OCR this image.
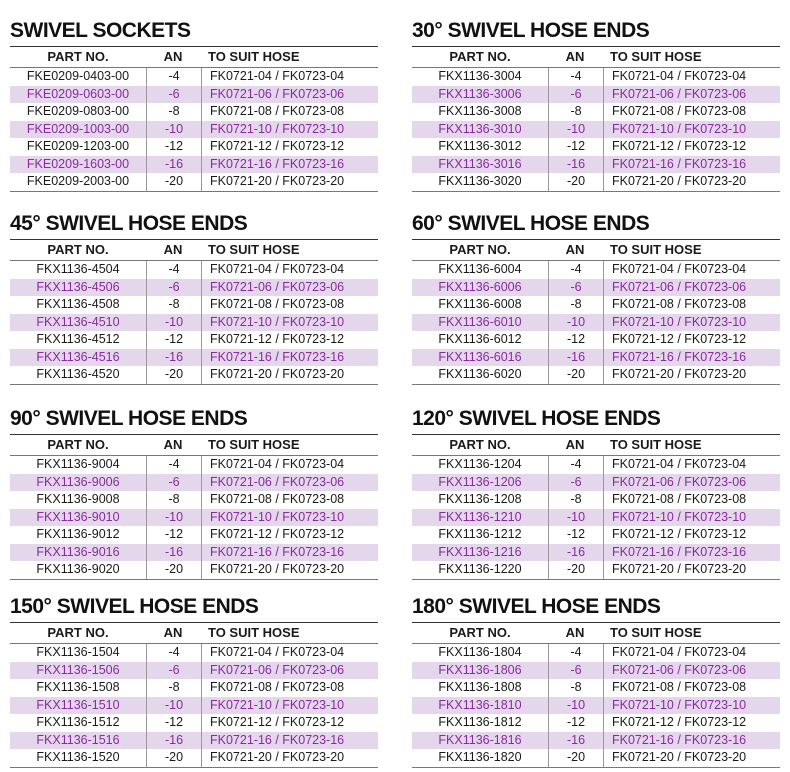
SWIVEL SOCKETS
PART NO.	AN	TO SUIT HOSE
FKE0209-0403-00	-4	FK0721-04 / FK0723-04
FKE0209-0603-00	-6	FK0721-06 / FK0723-06
FKE0209-0803-00	-8	FK0721-08 / FK0723-08
FKE0209-1003-00	-10	FK0721-10 / FK0723-10
FKE0209-1203-00	-12	FK0721-12 / FK0723-12
FKE0209-1603-00	-16	FK0721-16 / FK0723-16
FKE0209-2003-00	-20	FK0721-20 / FK0723-20
30° SWIVEL HOSE ENDS
PART NO.	AN	TO SUIT HOSE
FKX1136-3004	-4	FK0721-04 / FK0723-04
FKX1136-3006	-6	FK0721-06 / FK0723-06
FKX1136-3008	-8	FK0721-08 / FK0723-08
FKX1136-3010	-10	FK0721-10 / FK0723-10
FKX1136-3012	-12	FK0721-12 / FK0723-12
FKX1136-3016	-16	FK0721-16 / FK0723-16
FKX1136-3020	-20	FK0721-20 / FK0723-20
45° SWIVEL HOSE ENDS
PART NO.	AN	TO SUIT HOSE
FKX1136-4504	-4	FK0721-04 / FK0723-04
FKX1136-4506	-6	FK0721-06 / FK0723-06
FKX1136-4508	-8	FK0721-08 / FK0723-08
FKX1136-4510	-10	FK0721-10 / FK0723-10
FKX1136-4512	-12	FK0721-12 / FK0723-12
FKX1136-4516	-16	FK0721-16 / FK0723-16
FKX1136-4520	-20	FK0721-20 / FK0723-20
60° SWIVEL HOSE ENDS
PART NO.	AN	TO SUIT HOSE
FKX1136-6004	-4	FK0721-04 / FK0723-04
FKX1136-6006	-6	FK0721-06 / FK0723-06
FKX1136-6008	-8	FK0721-08 / FK0723-08
FKX1136-6010	-10	FK0721-10 / FK0723-10
FKX1136-6012	-12	FK0721-12 / FK0723-12
FKX1136-6016	-16	FK0721-16 / FK0723-16
FKX1136-6020	-20	FK0721-20 / FK0723-20
90° SWIVEL HOSE ENDS
PART NO.	AN	TO SUIT HOSE
FKX1136-9004	-4	FK0721-04 / FK0723-04
FKX1136-9006	-6	FK0721-06 / FK0723-06
FKX1136-9008	-8	FK0721-08 / FK0723-08
FKX1136-9010	-10	FK0721-10 / FK0723-10
FKX1136-9012	-12	FK0721-12 / FK0723-12
FKX1136-9016	-16	FK0721-16 / FK0723-16
FKX1136-9020	-20	FK0721-20 / FK0723-20
120° SWIVEL HOSE ENDS
PART NO.	AN	TO SUIT HOSE
FKX1136-1204	-4	FK0721-04 / FK0723-04
FKX1136-1206	-6	FK0721-06 / FK0723-06
FKX1136-1208	-8	FK0721-08 / FK0723-08
FKX1136-1210	-10	FK0721-10 / FK0723-10
FKX1136-1212	-12	FK0721-12 / FK0723-12
FKX1136-1216	-16	FK0721-16 / FK0723-16
FKX1136-1220	-20	FK0721-20 / FK0723-20
150° SWIVEL HOSE ENDS
PART NO.	AN	TO SUIT HOSE
FKX1136-1504	-4	FK0721-04 / FK0723-04
FKX1136-1506	-6	FK0721-06 / FK0723-06
FKX1136-1508	-8	FK0721-08 / FK0723-08
FKX1136-1510	-10	FK0721-10 / FK0723-10
FKX1136-1512	-12	FK0721-12 / FK0723-12
FKX1136-1516	-16	FK0721-16 / FK0723-16
FKX1136-1520	-20	FK0721-20 / FK0723-20
180° SWIVEL HOSE ENDS
PART NO.	AN	TO SUIT HOSE
FKX1136-1804	-4	FK0721-04 / FK0723-04
FKX1136-1806	-6	FK0721-06 / FK0723-06
FKX1136-1808	-8	FK0721-08 / FK0723-08
FKX1136-1810	-10	FK0721-10 / FK0723-10
FKX1136-1812	-12	FK0721-12 / FK0723-12
FKX1136-1816	-16	FK0721-16 / FK0723-16
FKX1136-1820	-20	FK0721-20 / FK0723-20
